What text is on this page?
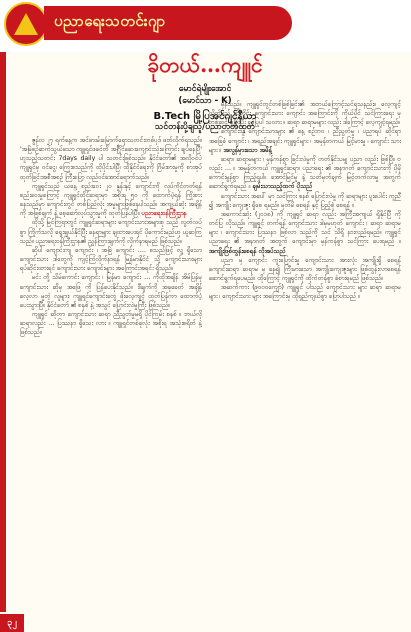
ပညာရေးသတင်းဂျာ
ခိုတယ်…ကျူင်
မောင်ရဲမျိုးအောင်
(မောင်သာ - K)
B.Tech မြို့ပြအင်ဂျင်နီယာ
သင်တန်းပို့ချသူ/ပညာတတ်ထုတ်

ဇွန်လ ၂၇ ရက်နေ့က အင်ဖားမ်းမြောက်ရောသတင်းတစ်ပုဒ် ဖတ်လိုက်ရသည်။ 'အမြဲစဉ်ဆက်သွယ်သော ကျူရှင်ဖခင်တိ အင်္ဂြိုင်ဆေးကျောင်းသုံးကြောင်း ချပ်နေပြီ' ဟူသည့်သတင်း 7days daily ပါ သတင်းဖြစ်သည်။ နိုင်ငံတော်၏ အလိုဝင်ပဲ ကျူရှင်မှ ဝင်ငွေ၊ ကြေးစသည်ကို ထိုပိုင်းပါပြီ၊ ထိုနိုင်ငံရေးကို ဂြိမ်းစားမှုကို စာအုပ်ထုတ်ခြင်းအစီအစဉ် ကြီးပြော့ လည်ဝင်အောင်ရောက်သည်။

ကျူရှင်သည် ယနေ့ စည်းဝေး ၂၀ နှုန်းနှင့် ကျောင်းကို လုပ်ကိုင်တတ်ရန် စည်းဝေးမှုကြောင့် ကျူရှင်ထိုင်ဆရာမှာ အစိုးရ ၅၀ ကို ထောက်ပံ့ရန် ကြိုးစားနေသည်မှာ ကျောင်းတွင် တစ်ပြည်လုံး အမှုများဖြစ်နေပါသည်။ အကျယ်ဆုံး အချိန်ကို အဖြစ်ချက် နဲ့ စေ့ဆော်လုပ်သွားမှုကို ထုတ်ပြန်ပါပြီ။ ပညာရေးဝန်ကြီးဌာန

ထိုသို့ မြင်ကြရာတွင် ကျူရှင်ဆရာများ ကျောင်းသားအများစု သည် လွတ်လပ်စွာ ကြိုက်သလို ရွေးချယ်နိုင်ပြီး နေရာများ ချထားပေးရင် ပိုကောင်းမည်ဟု ယူဆကြသည်။ ပညာရေးဝန်ကြီးဌာန၏ ညွှန်ကြားချက်ကို လိုက်နာရမည် ဖြစ်သည်။

ဆိုပါ ကျောင်းကျ ကျောင်း ၊ အခြဲ ကျောင်း …. စသည်ဖြင့် လူ့ ရှိသော ကျောင်းသား ဒါတွေကို ကျင့်ကြံလိုက်နာရန် မြန်မာနိုင်ငံ သို့ ကျောင်းသားများ ရပ်ဆိုင်းထားရင် ကျောင်းသား ကျောင်းများ အကြောင်းအရင်း ရှိသည်။

မင်း တို့ သိမ်ကောင်း ကျောင်း ၊ မြန်မာ ကျောင်း … ကိုထိုအချိန် အိမ်ပြန်မှ ကျောင်းသား ဆိုမှ အဖြေ ကို ပြန်ပေးနိုင်သည်။ ဒီချက်ကို အခုခေတ် အချိန် လေ့လာ မှုတဲ့ လူများ၊ ကျူရှင်ကျောင်းတွေ ဖိုးလေ့ကျင့် ထုတ်ပြန်ကာ ထောက်ပံ့ ပေးသွားပြီ။ နိုင်ငံတော် ၏ စနစ် နဲ့ အသွင် ပြောင်းလဲမှုကြီး ဖြစ်သည်။

ကျူရှင် ဆိုတာ ကျောင်းသား ဆရာ ညီညွတ်မှုမရှိ ပိုင်ကြမ်း စနစ် ။ ဘယ်လို ဆရာလည်း … ပြဿနာ ရှိသေး လား ။ ကျူရှင်တစ်ခုလုံး အစိုးရ အသုံးစရိတ် နဲ့ ဖြစ်သည်။

မှန်သည်။ ကျူရှင်တွင်တစ်ဖြစ်ခြင်း၏ အဘယ်ကြောင့်သင်ရသနည်း။ လေ့ကျင့်လိုက်မည် ဆိုတိုင်း ကျောင်းသား ကျောင်း အကြောင်းကို ကိုယ်ပိုင် သင်ကြားရေး မှ တစ်ဆင့် ဖွံ့ဖြိုးပြီး ခွင့်ပြုပါ သလား ။ ဆရာ ဆရာမများ လည်း ဒါကြောင့် လေ့ကျင့်ရမည်။

ကျောင်းသူ ကျောင်းသားများ ၏ နေ့ စဉ်ဘဝ ၊ ညီညွတ်မှု ၊ ပညာရပ် ဆိုင်ရာ အခြေခံ ကျောင်း ၊ အရည်အချင်း ကျူရှင်များ ၊ အမှန်တကယ် မြင့်မားမှု ၊ ကျောင်း သား များ ။ အလွန်မှားသော အမိန့်

ဆရာ၊ ဆရာမများ ၊ မှန်ကန်စွာ ခြင်းလဲမှုကို တတ်နိုင်သမျှ ပညာ လည်း ဖြစ်ပြီ။ ဗလည်း … ။ အမှန်တကယ် ကျူရှင်ဆရာ၊ ပညာရေး ၏ အနာဂတ် ကျောင်းသားကို ပိုမို ကောင်းမွန်စွာ ကြည့်ရှုပါ။ အောင်မြင်မှု နဲ့ သတ်မှတ်ချက် မြင့်တက်လာမှု အတွက် ဆောင်ရွက်ရမည် ။ ချမ်းသာသည့်ထက် ပိုသည်

ကျောင်းသား အပေါ် မှာ သင်ကြား စနစ် ပြောင်းလဲမှု ကို ဆရာများ ပူးပေါင်း ကူညီ ၍ အကျိုး ကျေးဇူး ရှိစေ ရမည်။ မှတ်မိ စေရန် နှင့် ပြည့်စုံ စေရန် ။

အကောင်းဆုံး (၂၀၁၈) ကို ကျူရှင် ဆရာ လည်း အကြီးအကျယ် ရှိနိုင်ပြီ ကို တင်ပြ လိုသည်။ ကျူရှင် တက်ရန် ကျောင်းသား ဒါမှမဟုတ် ကျောင်း ၊ ဆရာ ဆရာမများ ၊ ကျောင်းသား ပြဿနာ ဖြစ်လာ သည်ကို သင် သိရှိ နားလည်ရမည်။ ကျူရှင် ပညာရေး ၏ အနာဂတ် အတွက် ကျောင်းမှာ မှန်ကန်စွာ သင်ကြား ပေးရမည် ။ အကျိုးဖြစ်ထွန်းစေရန် လိုအပ်သည်

ပညာ မှ ကျောင်း ကူးပြောင်းမှု ကျောင်းသား အားလုံး အကျိုးရှိ စေရန် ကျောင်းဆရာ ဆရာမ မှ နေ၍ ကြီးမားသော အကျိုးကျေးဇူးများ ဖြစ်ထွန်းလာစေရန် ဆောင်ရွက်ရပေမည်။ ထိုကြောင့် ကျူရှင်ကို ထိုက်တန်စွာ ခံစားရမည် ဖြစ်သည်။

အဆက်ကား (၉၀၀၀ကျော်) ကျူရှင် ပါသည် ကျောင်းသား များ ဆရာ ဆရာမ များ ၊ ကျောင်းသား များ အကြောင်းမှ ထိုရှည်ကျယ်စွာ ပြောပါသည် ။

၃၂
